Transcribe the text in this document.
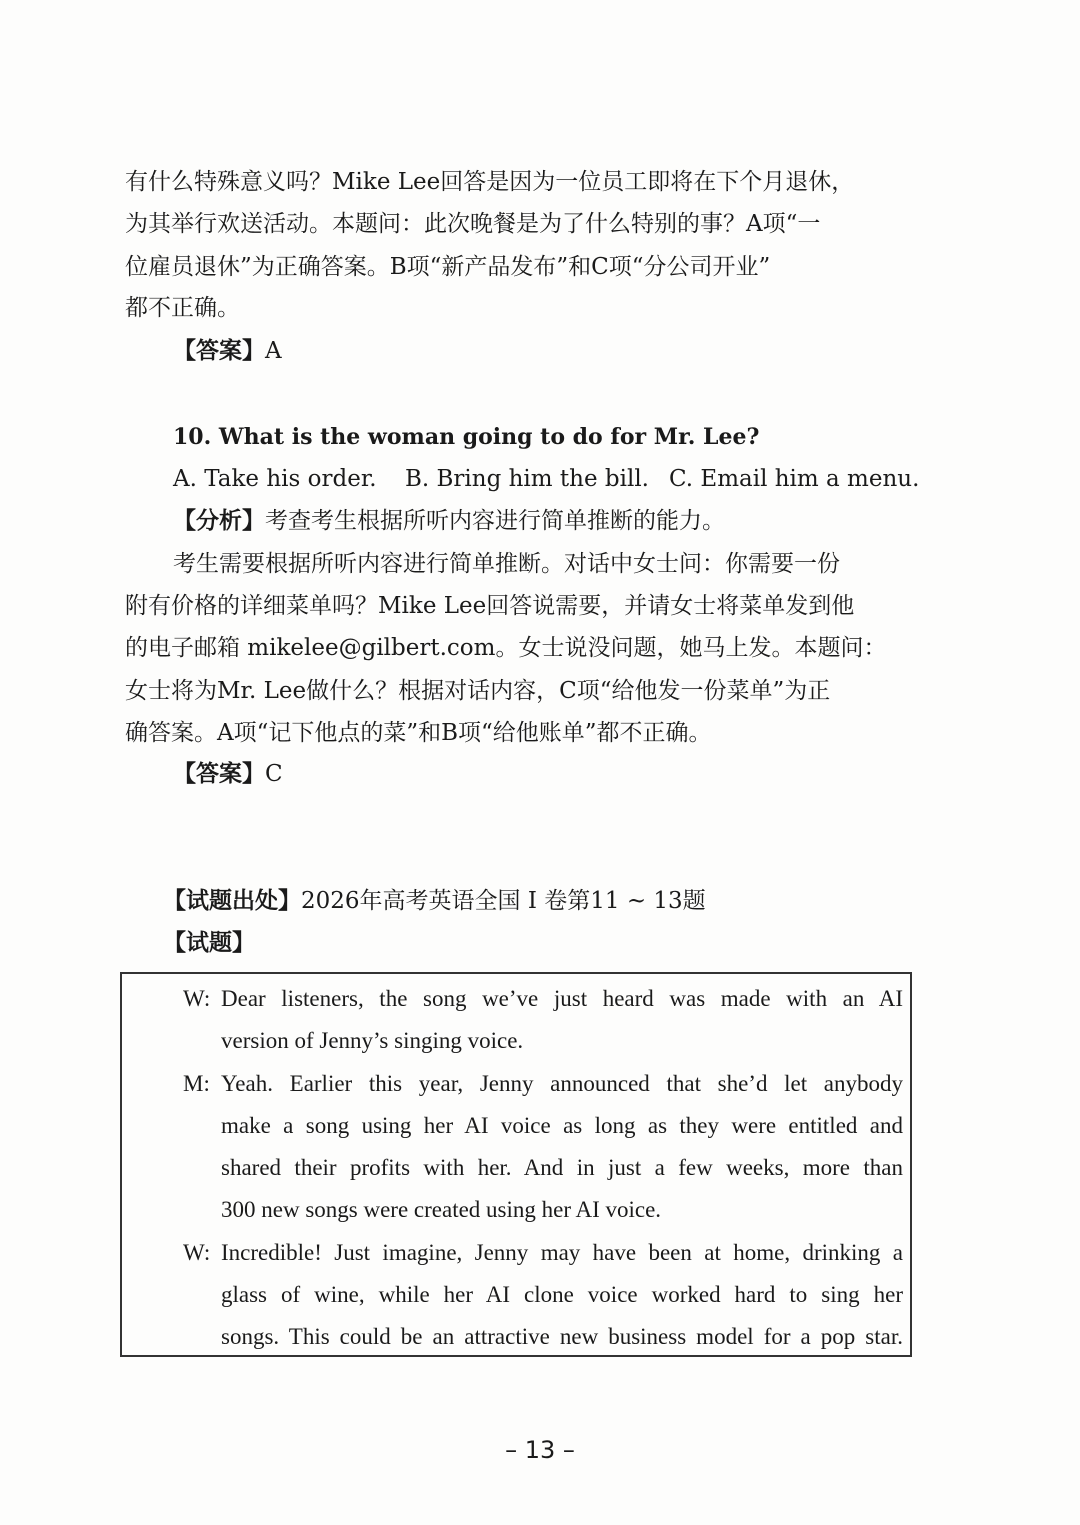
有什么特殊意义吗？Mike Lee回答是因为一位员工即将在下个月退休，
为其举行欢送活动。本题问：此次晚餐是为了什么特别的事？A项“一
位雇员退休”为正确答案。B项“新产品发布”和C项“分公司开业”
都不正确。
【答案】A
10. What is the woman going to do for Mr. Lee?
A. Take his order. B. Bring him the bill. C. Email him a menu.
【分析】考查考生根据所听内容进行简单推断的能力。
考生需要根据所听内容进行简单推断。对话中女士问：你需要一份
附有价格的详细菜单吗？Mike Lee回答说需要，并请女士将菜单发到他
的电子邮箱 mikelee@gilbert.com。女士说没问题，她马上发。本题问：
女士将为Mr. Lee做什么？根据对话内容，C项“给他发一份菜单”为正
确答案。A项“记下他点的菜”和B项“给他账单”都不正确。
【答案】C
【试题出处】2026年高考英语全国 I 卷第11 ~ 13题
【试题】
W: Dear listeners, the song we’ve just heard was made with an AI
version of Jenny’s singing voice.
M: Yeah. Earlier this year, Jenny announced that she’d let anybody
make a song using her AI voice as long as they were entitled and
shared their profits with her. And in just a few weeks, more than
300 new songs were created using her AI voice.
W: Incredible! Just imagine, Jenny may have been at home, drinking a
glass of wine, while her AI clone voice worked hard to sing her
songs. This could be an attractive new business model for a pop star.
– 13 –
